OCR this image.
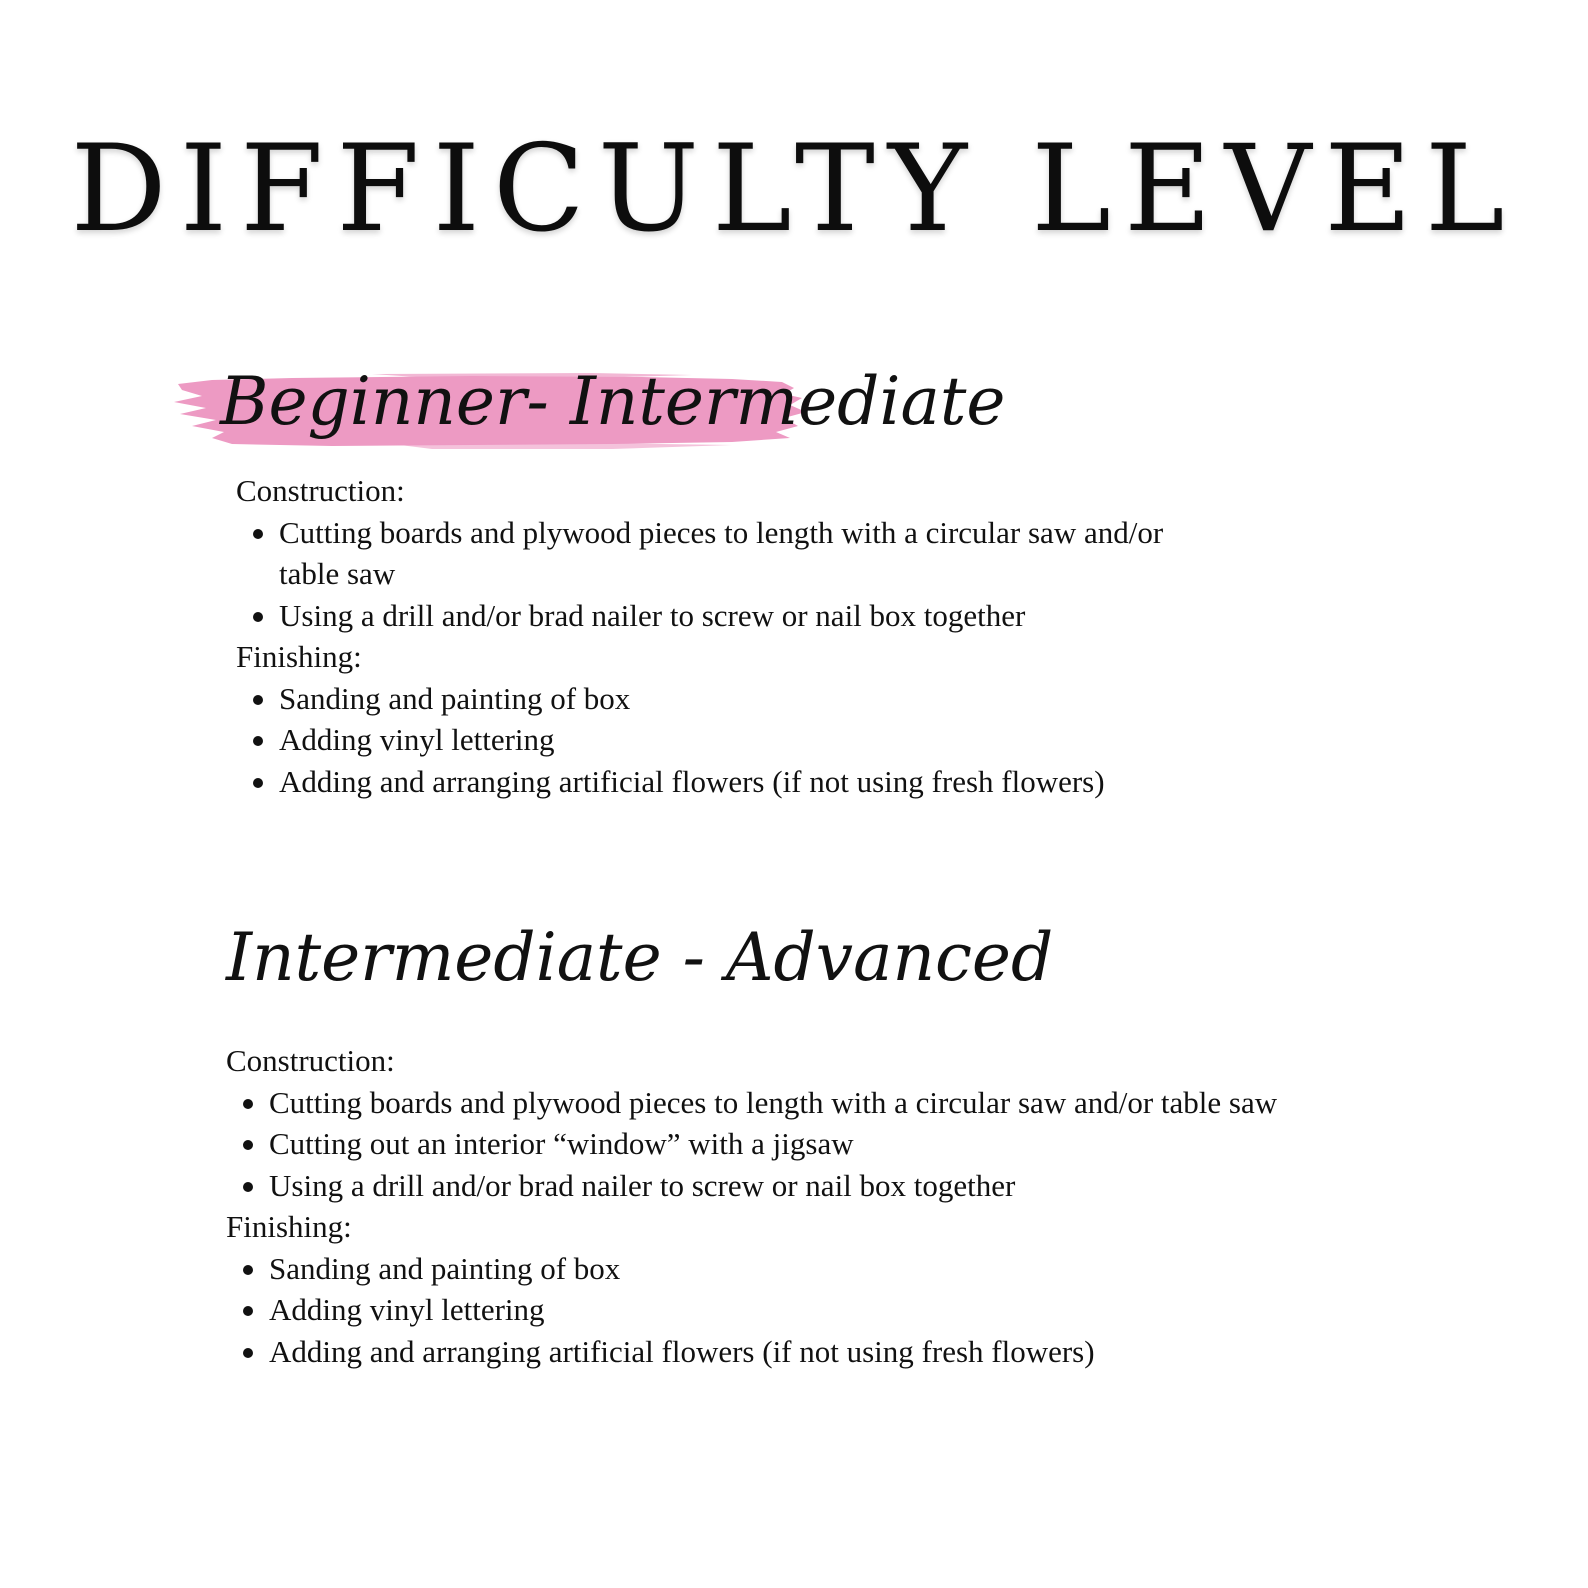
DIFFICULTY LEVEL
Beginner- Intermediate

Construction:

Cutting boards and plywood pieces to length with a circular saw and/or table saw
Using a drill and/or brad nailer to screw or nail box together

Finishing:

Sanding and painting of box
Adding vinyl lettering
Adding and arranging artificial flowers (if not using fresh flowers)
Intermediate - Advanced

Construction:

Cutting boards and plywood pieces to length with a circular saw and/or table saw
Cutting out an interior “window” with a jigsaw
Using a drill and/or brad nailer to screw or nail box together

Finishing:

Sanding and painting of box
Adding vinyl lettering
Adding and arranging artificial flowers (if not using fresh flowers)
